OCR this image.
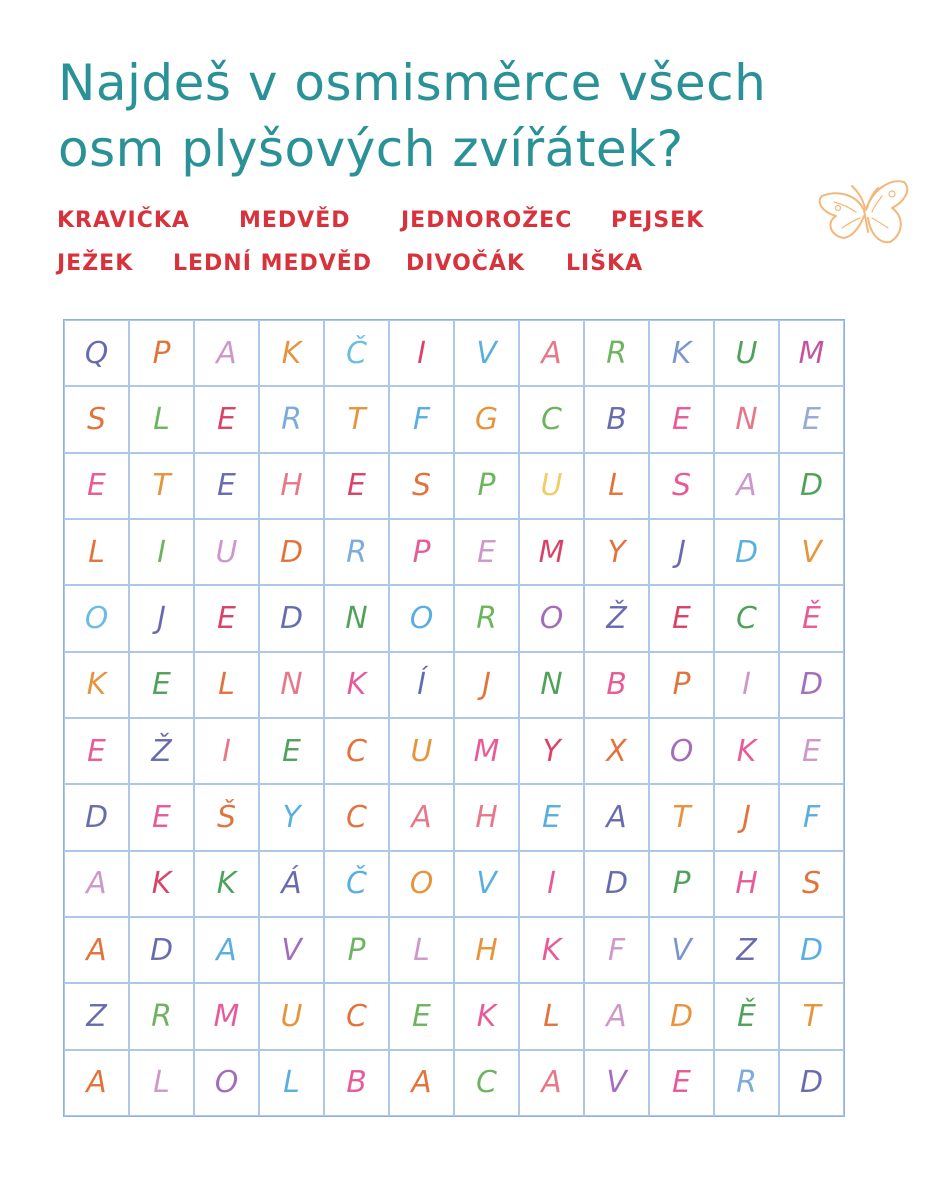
Najdeš v osmisměrce všech
osm plyšových zvířátek?
KRAVIČKA MEDVĚD JEDNOROŽEC PEJSEK
JEŽEK LEDNÍ MEDVĚD DIVOČÁK LIŠKA
Q	P	A	K	Č	I	V	A	R	K	U	M
S	L	E	R	T	F	G	C	B	E	N	E
E	T	E	H	E	S	P	U	L	S	A	D
L	I	U	D	R	P	E	M	Y	J	D	V
O	J	E	D	N	O	R	O	Ž	E	C	Ě
K	E	L	N	K	Í	J	N	B	P	I	D
E	Ž	I	E	C	U	M	Y	X	O	K	E
D	E	Š	Y	C	A	H	E	A	T	J	F
A	K	K	Á	Č	O	V	I	D	P	H	S
A	D	A	V	P	L	H	K	F	V	Z	D
Z	R	M	U	C	E	K	L	A	D	Ě	T
A	L	O	L	B	A	C	A	V	E	R	D
